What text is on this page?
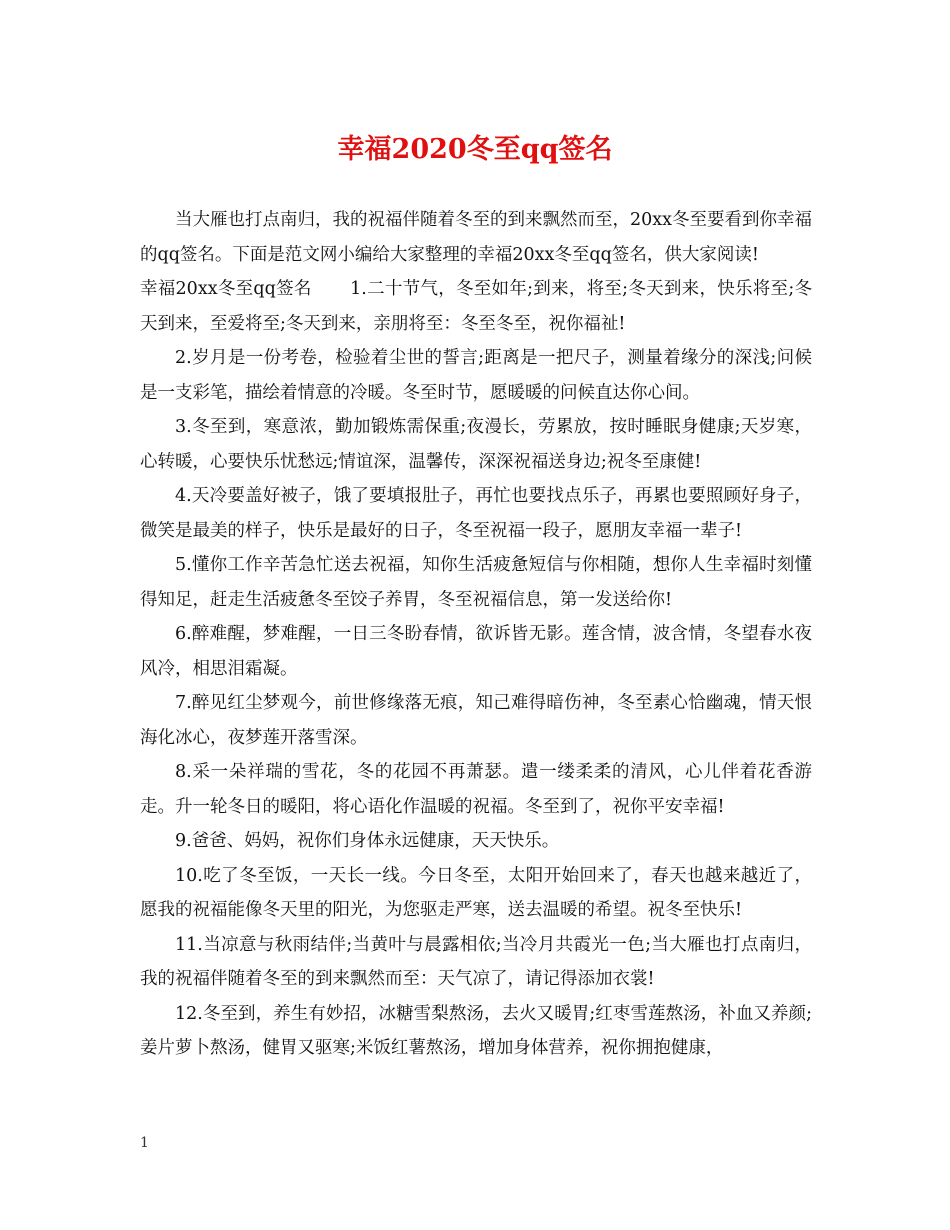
幸福2020冬至qq签名

当大雁也打点南归，我的祝福伴随着冬至的到来飘然而至，20xx冬至要看到你幸福的qq签名。下面是范文网小编给大家整理的幸福20xx冬至qq签名，供大家阅读!

幸福20xx冬至qq签名 1.二十节气，冬至如年;到来，将至;冬天到来，快乐将至;冬天到来，至爱将至;冬天到来，亲朋将至：冬至冬至，祝你福祉!

2.岁月是一份考卷，检验着尘世的誓言;距离是一把尺子，测量着缘分的深浅;问候是一支彩笔，描绘着情意的冷暖。冬至时节，愿暖暖的问候直达你心间。

3.冬至到，寒意浓，勤加锻炼需保重;夜漫长，劳累放，按时睡眠身健康;天岁寒，心转暖，心要快乐忧愁远;情谊深，温馨传，深深祝福送身边;祝冬至康健!

4.天冷要盖好被子，饿了要填报肚子，再忙也要找点乐子，再累也要照顾好身子，微笑是最美的样子，快乐是最好的日子，冬至祝福一段子，愿朋友幸福一辈子!

5.懂你工作辛苦急忙送去祝福，知你生活疲惫短信与你相随，想你人生幸福时刻懂得知足，赶走生活疲惫冬至饺子养胃，冬至祝福信息，第一发送给你!

6.醉难醒，梦难醒，一日三冬盼春情，欲诉皆无影。莲含情，波含情，冬望春水夜风冷，相思泪霜凝。

7.醉见红尘梦观今，前世修缘落无痕，知己难得暗伤神，冬至素心恰幽魂，情天恨海化冰心，夜梦莲开落雪深。

8.采一朵祥瑞的雪花，冬的花园不再萧瑟。遣一缕柔柔的清风，心儿伴着花香游走。升一轮冬日的暖阳，将心语化作温暖的祝福。冬至到了，祝你平安幸福!

9.爸爸、妈妈，祝你们身体永远健康，天天快乐。

10.吃了冬至饭，一天长一线。今日冬至，太阳开始回来了，春天也越来越近了，愿我的祝福能像冬天里的阳光，为您驱走严寒，送去温暖的希望。祝冬至快乐!

11.当凉意与秋雨结伴;当黄叶与晨露相依;当冷月共霞光一色;当大雁也打点南归，我的祝福伴随着冬至的到来飘然而至：天气凉了，请记得添加衣裳!

12.冬至到，养生有妙招，冰糖雪梨熬汤，去火又暖胃;红枣雪莲熬汤，补血又养颜;姜片萝卜熬汤，健胃又驱寒;米饭红薯熬汤，增加身体营养，祝你拥抱健康，

1
